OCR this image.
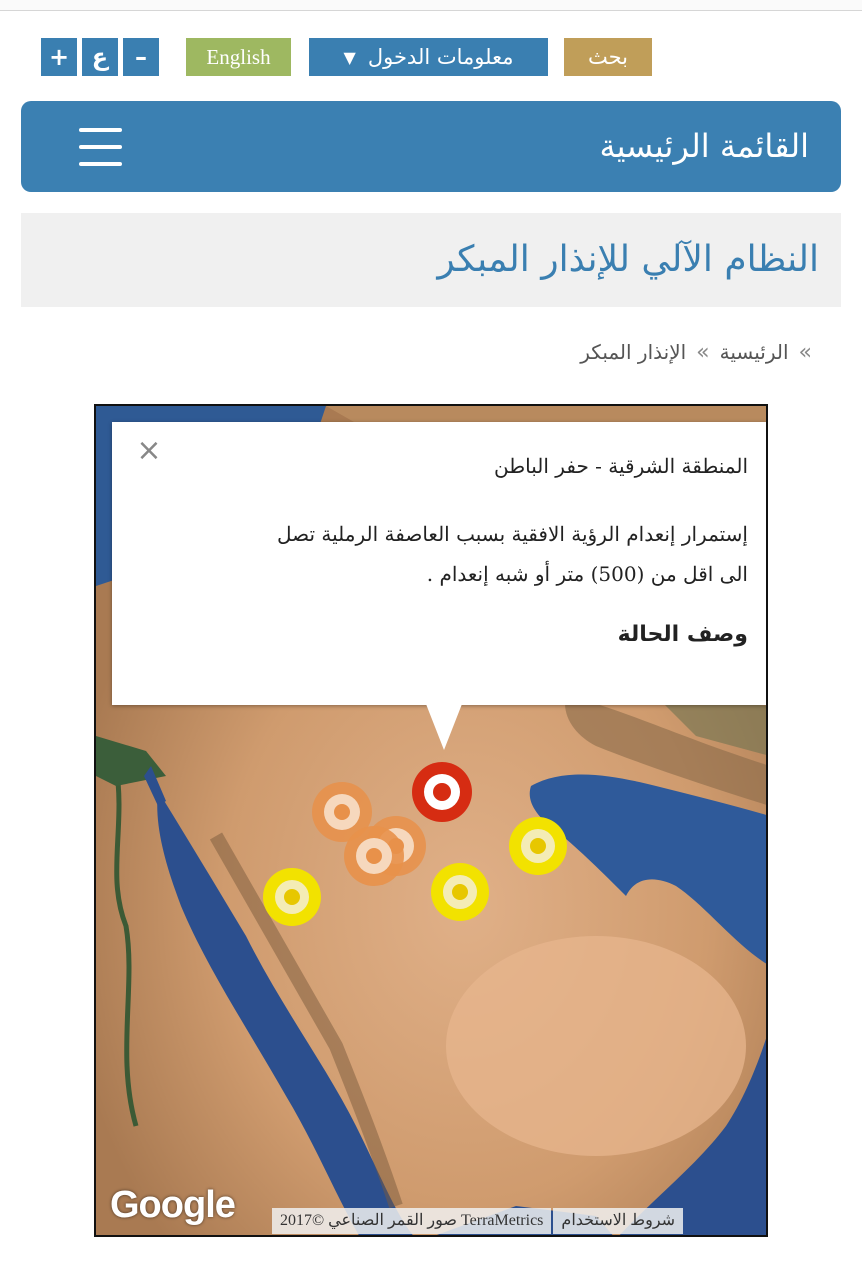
+ ع	–	English	▼ معلومات الدخول	بحث
القائمة الرئيسية
النظام الآلي للإنذار المبكر
»
الرئيسية
»
الإنذار المبكر
×	المنطقة الشرقية - حفر الباطن
إستمرار إنعدام الرؤية الافقية بسبب العاصفة الرملية تصل
الى اقل من (500) متر أو شبه إنعدام .
وصف الحالة
Google	صور القمر الصناعي ©2017 TerraMetrics	شروط الاستخدام
